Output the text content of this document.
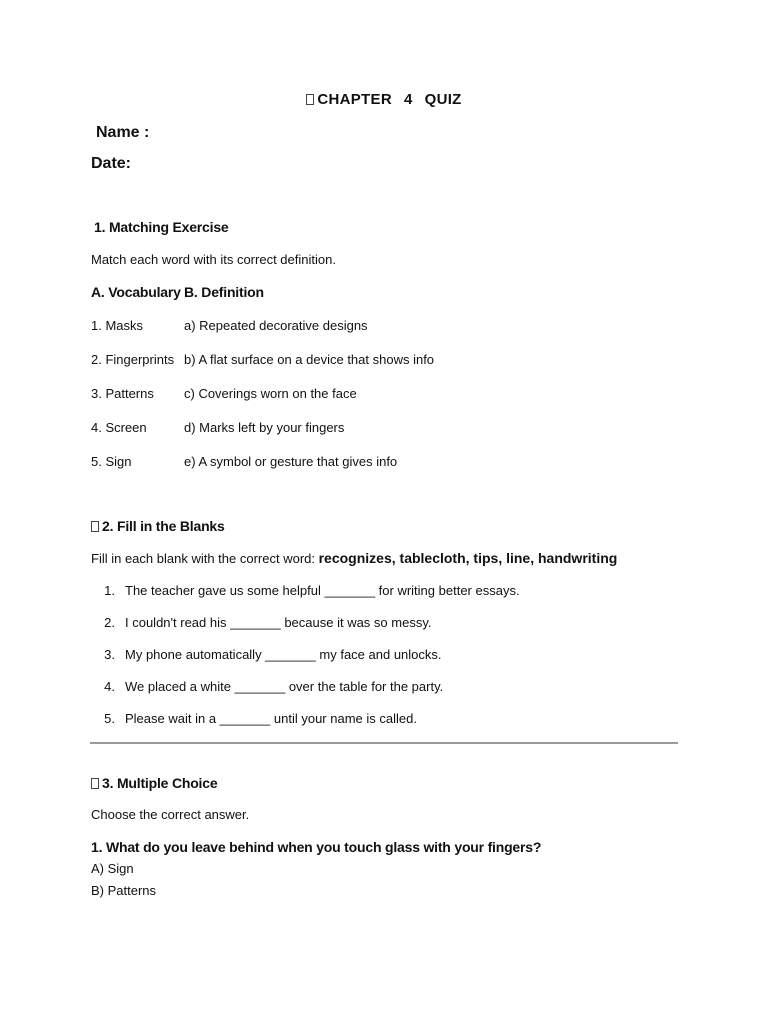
CHAPTER 4 QUIZ
Name :
Date:
1. Matching Exercise
Match each word with its correct definition.
A. Vocabulary B. Definition
1. Masks	a) Repeated decorative designs
2. Fingerprints b) A flat surface on a device that shows info
3. Patterns c) Coverings worn on the face
4. Screen	d) Marks left by your fingers
5. Sign	e) A symbol or gesture that gives info
2. Fill in the Blanks
Fill in each blank with the correct word: recognizes, tablecloth, tips, line, handwriting
1. The teacher gave us some helpful _______ for writing better essays.
2. I couldn't read his _______ because it was so messy.
3. My phone automatically _______ my face and unlocks.
4. We placed a white _______ over the table for the party.
5. Please wait in a _______ until your name is called.
3. Multiple Choice
Choose the correct answer.
1. What do you leave behind when you touch glass with your fingers?
A) Sign
B) Patterns
